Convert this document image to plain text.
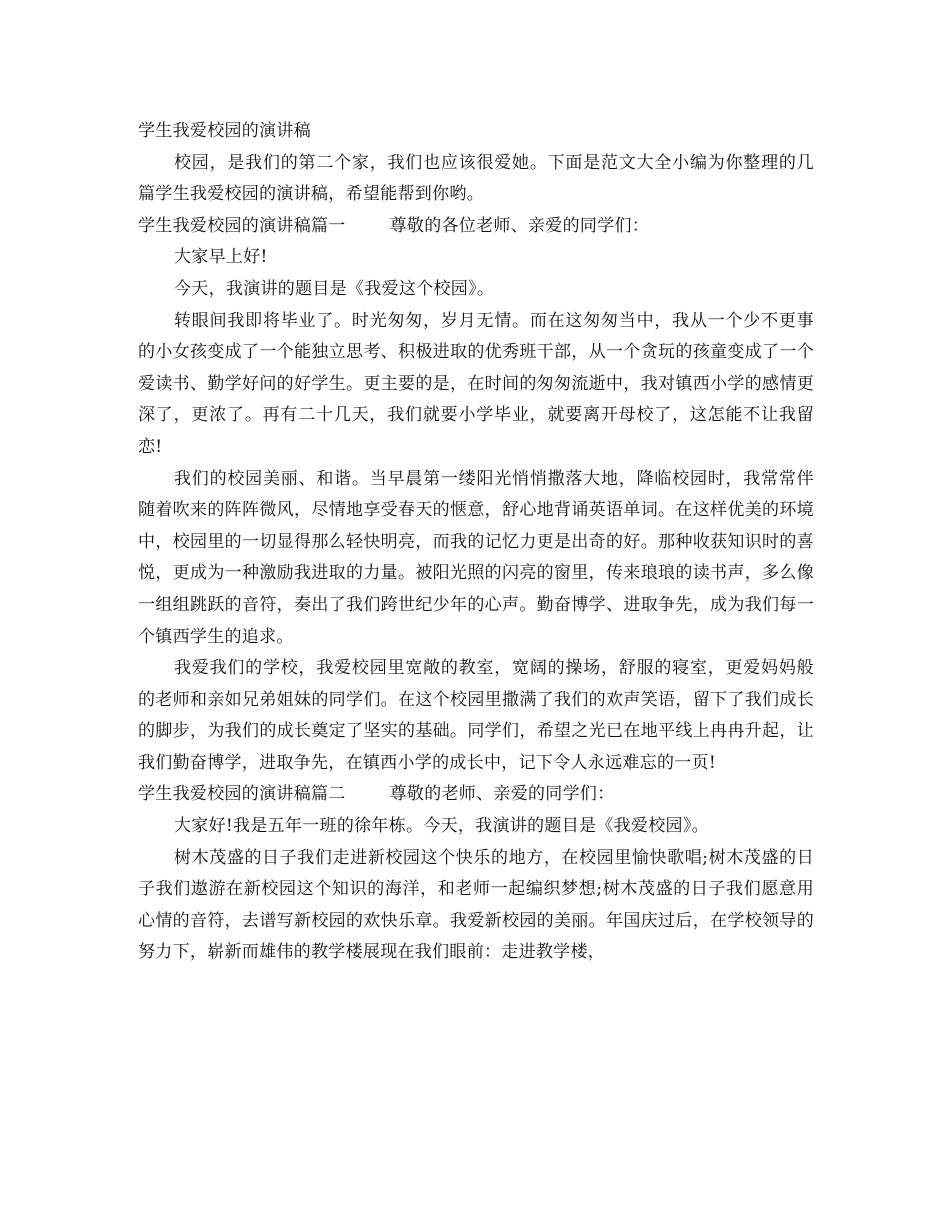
学生我爱校园的演讲稿

校园，是我们的第二个家，我们也应该很爱她。下面是范文大全小编为你整理的几篇学生我爱校园的演讲稿，希望能帮到你哟。

学生我爱校园的演讲稿篇一	尊敬的各位老师、亲爱的同学们：

大家早上好!

今天，我演讲的题目是《我爱这个校园》。

转眼间我即将毕业了。时光匆匆，岁月无情。而在这匆匆当中，我从一个少不更事的小女孩变成了一个能独立思考、积极进取的优秀班干部，从一个贪玩的孩童变成了一个爱读书、勤学好问的好学生。更主要的是，在时间的匆匆流逝中，我对镇西小学的感情更深了，更浓了。再有二十几天，我们就要小学毕业，就要离开母校了，这怎能不让我留恋!

我们的校园美丽、和谐。当早晨第一缕阳光悄悄撒落大地，降临校园时，我常常伴随着吹来的阵阵微风，尽情地享受春天的惬意，舒心地背诵英语单词。在这样优美的环境中，校园里的一切显得那么轻快明亮，而我的记忆力更是出奇的好。那种收获知识时的喜悦，更成为一种激励我进取的力量。被阳光照的闪亮的窗里，传来琅琅的读书声，多么像一组组跳跃的音符，奏出了我们跨世纪少年的心声。勤奋博学、进取争先，成为我们每一个镇西学生的追求。

我爱我们的学校，我爱校园里宽敞的教室，宽阔的操场，舒服的寝室，更爱妈妈般的老师和亲如兄弟姐妹的同学们。在这个校园里撒满了我们的欢声笑语，留下了我们成长的脚步，为我们的成长奠定了坚实的基础。同学们，希望之光已在地平线上冉冉升起，让我们勤奋博学，进取争先，在镇西小学的成长中，记下令人永远难忘的一页!

学生我爱校园的演讲稿篇二	尊敬的老师、亲爱的同学们：

大家好!我是五年一班的徐年栋。今天，我演讲的题目是《我爱校园》。

树木茂盛的日子我们走进新校园这个快乐的地方，在校园里愉快歌唱;树木茂盛的日子我们遨游在新校园这个知识的海洋，和老师一起编织梦想;树木茂盛的日子我们愿意用心情的音符，去谱写新校园的欢快乐章。我爱新校园的美丽。年国庆过后，在学校领导的努力下，崭新而雄伟的教学楼展现在我们眼前：走进教学楼，
